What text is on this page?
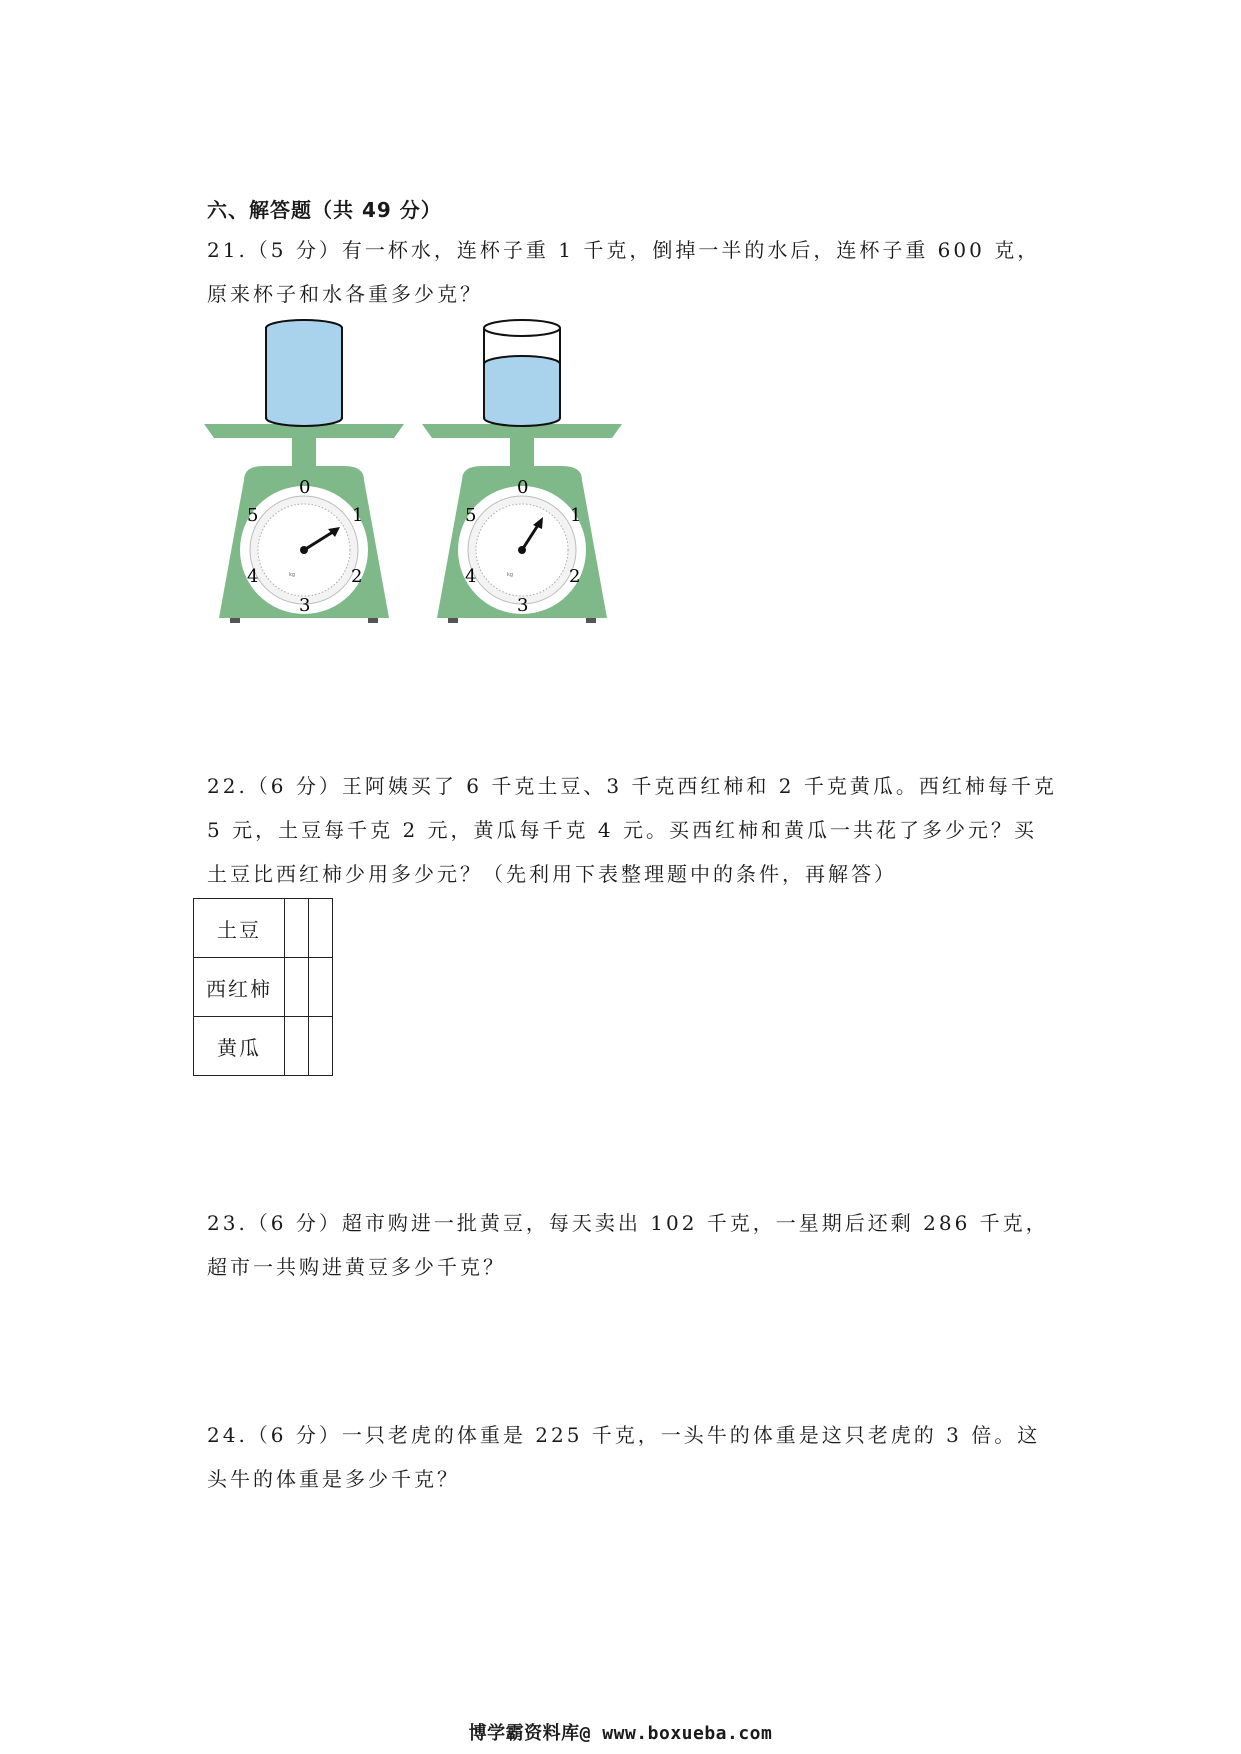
六、解答题（共 49 分）
21.（5 分）有一杯水，连杯子重 1 千克，倒掉一半的水后，连杯子重 600 克，原来杯子和水各重多少克？
0
1
2
3
4
5
0
1
2
3
4
5
22.（6 分）王阿姨买了 6 千克土豆、3 千克西红柿和 2 千克黄瓜。西红柿每千克 5 元，土豆每千克 2 元，黄瓜每千克 4 元。买西红柿和黄瓜一共花了多少元？买土豆比西红柿少用多少元？（先利用下表整理题中的条件，再解答）
土豆		
西红柿		
黄瓜		
23.（6 分）超市购进一批黄豆，每天卖出 102 千克，一星期后还剩 286 千克，超市一共购进黄豆多少千克？
24.（6 分）一只老虎的体重是 225 千克，一头牛的体重是这只老虎的 3 倍。这头牛的体重是多少千克？
博学霸资料库@ www.boxueba.com
